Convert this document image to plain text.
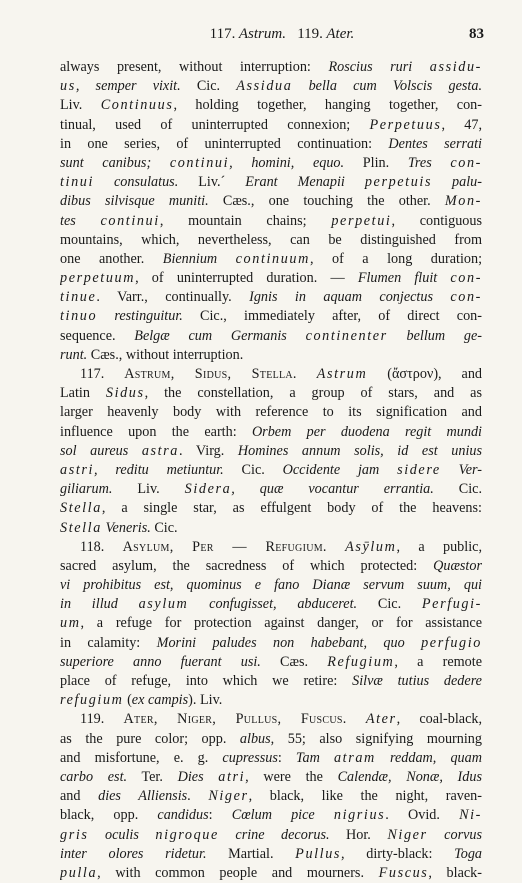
117. Astrum. 119. Ater.	83
always present, without interruption: Roscius ruri assidu-
us, semper vixit. Cic. Assidua bella cum Volscis gesta.
Liv. Continuus, holding together, hanging together, con-
tinual, used of uninterrupted connexion; Perpetuus, 47,
in one series, of uninterrupted continuation: Dentes serrati
sunt canibus; continui, homini, equo. Plin. Tres con-
tinui consulatus. Liv.´ Erant Menapii perpetuis palu-
dibus silvisque muniti. Cæs., one touching the other. Mon-
tes continui, mountain chains; perpetui, contiguous
mountains, which, nevertheless, can be distinguished from
one another. Biennium continuum, of a long duration;
perpetuum, of uninterrupted duration. — Flumen fluit con-
tinue. Varr., continually. Ignis in aquam conjectus con-
tinuo restinguitur. Cic., immediately after, of direct con-
sequence. Belgæ cum Germanis continenter bellum ge-
runt. Cæs., without interruption.
117. Astrum, Sidus, Stella. Astrum (ἄστρον), and
Latin Sidus, the constellation, a group of stars, and as
larger heavenly body with reference to its signification and
influence upon the earth: Orbem per duodena regit mundi
sol aureus astra. Virg. Homines annum solis, id est unius
astri, reditu metiuntur. Cic. Occidente jam sidere Ver-
giliarum. Liv. Sidera, quæ vocantur errantia. Cic.
Stella, a single star, as effulgent body of the heavens:
Stella Veneris. Cic.
118. Asylum, Per — Refugium. Asȳlum, a public,
sacred asylum, the sacredness of which protected: Quæstor
vi prohibitus est, quominus e fano Dianæ servum suum, qui
in illud asylum confugisset, abduceret. Cic. Perfugi-
um, a refuge for protection against danger, or for assistance
in calamity: Morini paludes non habebant, quo perfugio
superiore anno fuerant usi. Cæs. Refugium, a remote
place of refuge, into which we retire: Silvæ tutius dedere
refugium (ex campis). Liv.
119. Ater, Niger, Pullus, Fuscus. Ater, coal-black,
as the pure color; opp. albus, 55; also signifying mourning
and misfortune, e. g. cupressus: Tam atram reddam, quam
carbo est. Ter. Dies atri, were the Calendæ, Nonæ, Idus
and dies Alliensis. Niger, black, like the night, raven-
black, opp. candidus: Cœlum pice nigrius. Ovid. Ni-
gris oculis nigroque crine decorus. Hor. Niger corvus
inter olores ridetur. Martial. Pullus, dirty-black: Toga
pulla, with common people and mourners. Fuscus, black-
